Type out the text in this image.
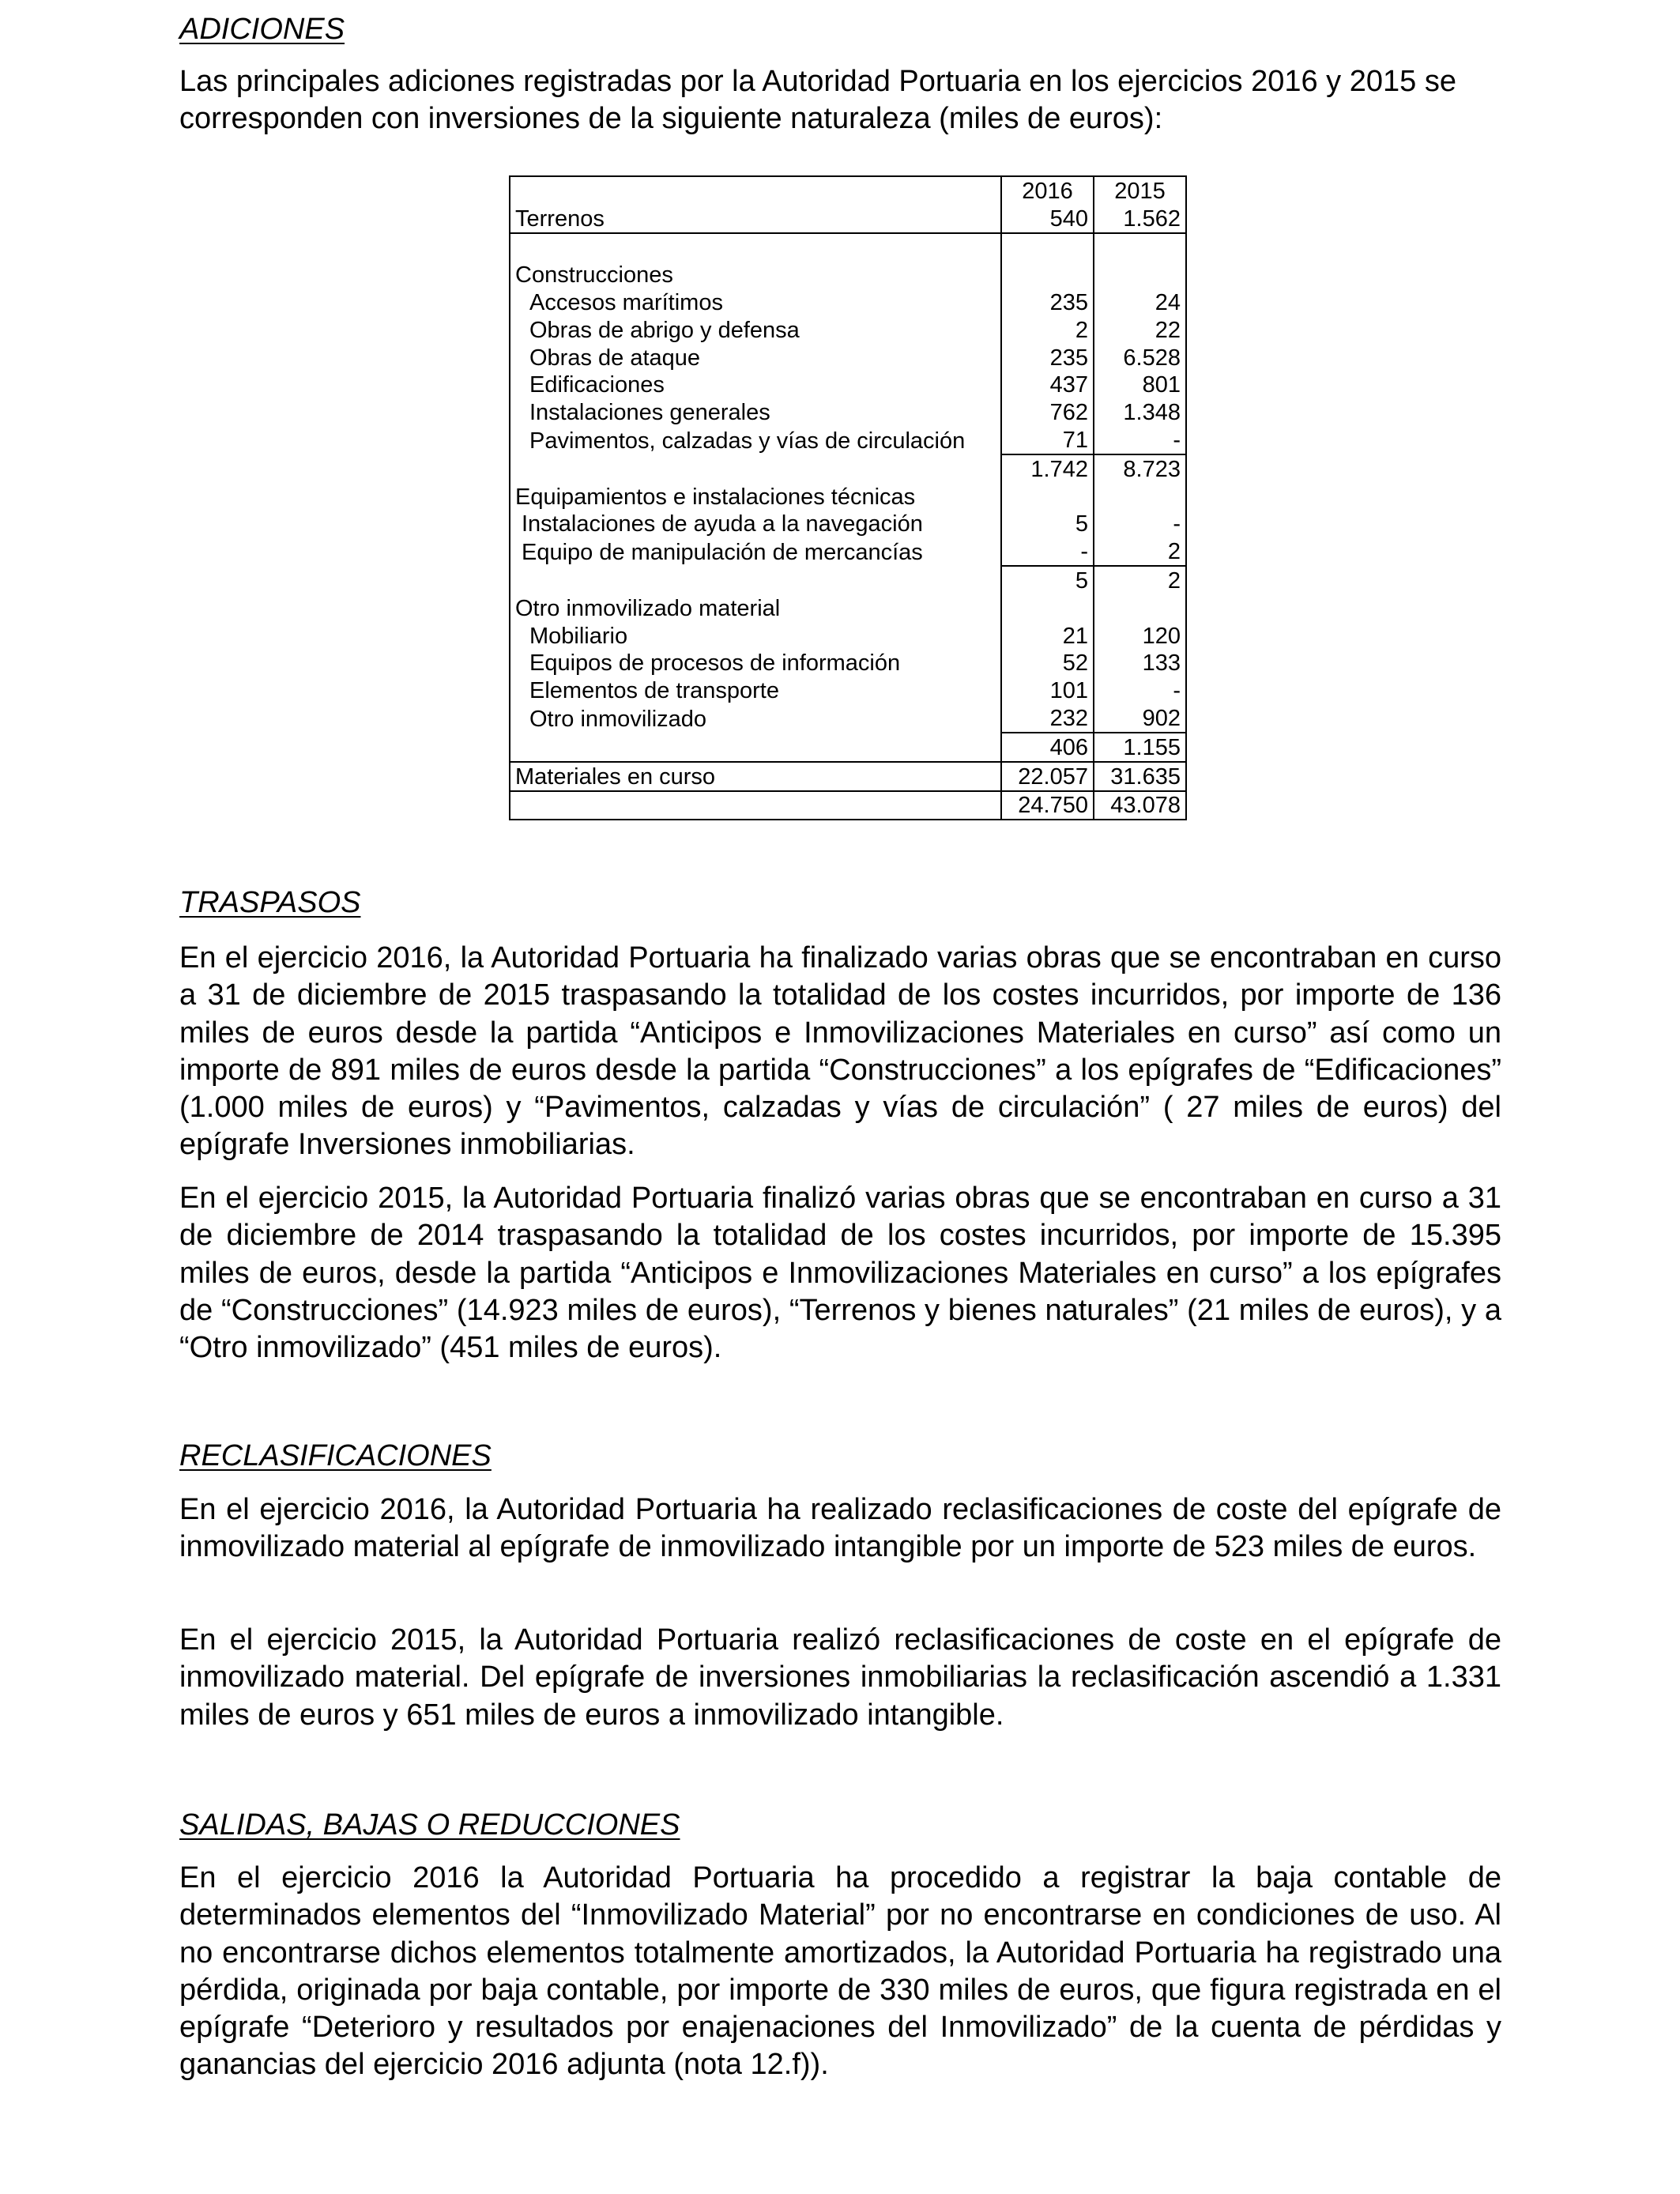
ADICIONES
Las principales adiciones registradas por la Autoridad Portuaria en los ejercicios 2016 y 2015 se corresponden con inversiones de la siguiente naturaleza (miles de euros):
	2016	2015
Terrenos	540	1.562

Construcciones		
Accesos marítimos	235	24
Obras de abrigo y defensa	2	22
Obras de ataque	235	6.528
Edificaciones	437	801
Instalaciones generales	762	1.348
Pavimentos, calzadas y vías de circulación	71	-
	1.742	8.723
Equipamientos e instalaciones técnicas		
Instalaciones de ayuda a la navegación	5	-
Equipo de manipulación de mercancías	-	2
	5	2
Otro inmovilizado material		
Mobiliario	21	120
Equipos de procesos de información	52	133
Elementos de transporte	101	-
Otro inmovilizado	232	902
	406	1.155
Materiales en curso	22.057	31.635
	24.750	43.078
TRASPASOS
En el ejercicio 2016, la Autoridad Portuaria ha finalizado varias obras que se encontraban en curso a 31 de diciembre de 2015 traspasando la totalidad de los costes incurridos, por importe de 136 miles de euros desde la partida “Anticipos e Inmovilizaciones Materiales en curso” así como un importe de 891 miles de euros desde la partida “Construcciones” a los epígrafes de “Edificaciones” (1.000 miles de euros) y “Pavimentos, calzadas y vías de circulación” ( 27 miles de euros) del epígrafe Inversiones inmobiliarias.
En el ejercicio 2015, la Autoridad Portuaria finalizó varias obras que se encontraban en curso a 31 de diciembre de 2014 traspasando la totalidad de los costes incurridos, por importe de 15.395 miles de euros, desde la partida “Anticipos e Inmovilizaciones Materiales en curso” a los epígrafes de “Construcciones” (14.923 miles de euros), “Terrenos y bienes naturales” (21 miles de euros), y a “Otro inmovilizado” (451 miles de euros).
RECLASIFICACIONES
En el ejercicio 2016, la Autoridad Portuaria ha realizado reclasificaciones de coste del epígrafe de inmovilizado material al epígrafe de inmovilizado intangible por un importe de 523 miles de euros.
En el ejercicio 2015, la Autoridad Portuaria realizó reclasificaciones de coste en el epígrafe de inmovilizado material. Del epígrafe de inversiones inmobiliarias la reclasificación ascendió a 1.331 miles de euros y 651 miles de euros a inmovilizado intangible.
SALIDAS, BAJAS O REDUCCIONES
En el ejercicio 2016 la Autoridad Portuaria ha procedido a registrar la baja contable de determinados elementos del “Inmovilizado Material” por no encontrarse en condiciones de uso. Al no encontrarse dichos elementos totalmente amortizados, la Autoridad Portuaria ha registrado una pérdida, originada por baja contable, por importe de 330 miles de euros, que figura registrada en el epígrafe “Deterioro y resultados por enajenaciones del Inmovilizado” de la cuenta de pérdidas y ganancias del ejercicio 2016 adjunta (nota 12.f)).
